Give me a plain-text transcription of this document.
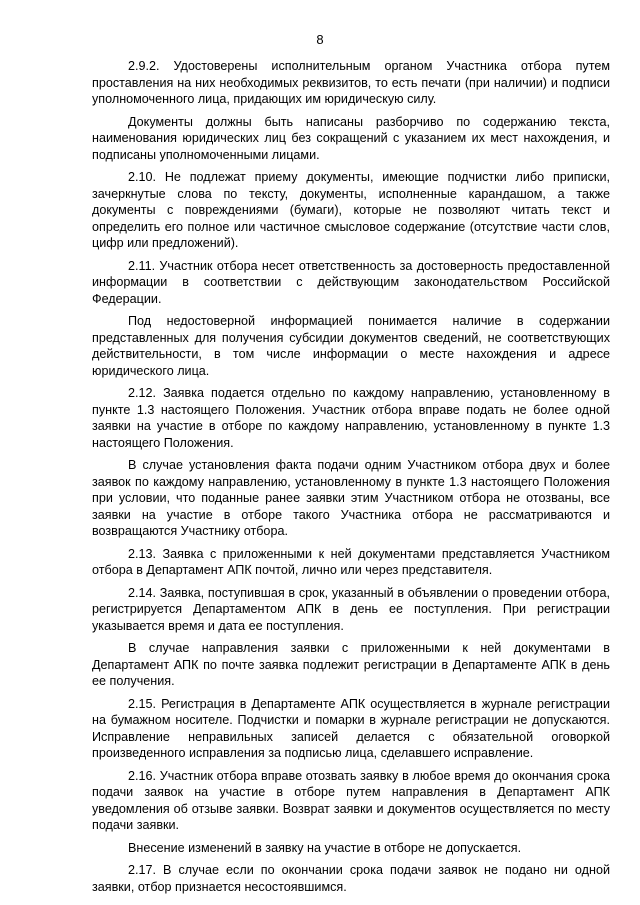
8

2.9.2. Удостоверены исполнительным органом Участника отбора путем проставления на них необходимых реквизитов, то есть печати (при наличии) и подписи уполномоченного лица, придающих им юридическую силу.

Документы должны быть написаны разборчиво по содержанию текста, наименования юридических лиц без сокращений с указанием их мест нахождения, и подписаны уполномоченными лицами.

2.10. Не подлежат приему документы, имеющие подчистки либо приписки, зачеркнутые слова по тексту, документы, исполненные карандашом, а также документы с повреждениями (бумаги), которые не позволяют читать текст и определить его полное или частичное смысловое содержание (отсутствие части слов, цифр или предложений).

2.11. Участник отбора несет ответственность за достоверность предоставленной информации в соответствии с действующим законодательством Российской Федерации.

Под недостоверной информацией понимается наличие в содержании представленных для получения субсидии документов сведений, не соответствующих действительности, в том числе информации о месте нахождения и адресе юридического лица.

2.12. Заявка подается отдельно по каждому направлению, установленному в пункте 1.3 настоящего Положения. Участник отбора вправе подать не более одной заявки на участие в отборе по каждому направлению, установленному в пункте 1.3 настоящего Положения.

В случае установления факта подачи одним Участником отбора двух и более заявок по каждому направлению, установленному в пункте 1.3 настоящего Положения при условии, что поданные ранее заявки этим Участником отбора не отозваны, все заявки на участие в отборе такого Участника отбора не рассматриваются и возвращаются Участнику отбора.

2.13. Заявка с приложенными к ней документами представляется Участником отбора в Департамент АПК почтой, лично или через представителя.

2.14. Заявка, поступившая в срок, указанный в объявлении о проведении отбора, регистрируется Департаментом АПК в день ее поступления. При регистрации указывается время и дата ее поступления.

В случае направления заявки с приложенными к ней документами в Департамент АПК по почте заявка подлежит регистрации в Департаменте АПК в день ее получения.

2.15. Регистрация в Департаменте АПК осуществляется в журнале регистрации на бумажном носителе. Подчистки и помарки в журнале регистрации не допускаются. Исправление неправильных записей делается с обязательной оговоркой произведенного исправления за подписью лица, сделавшего исправление.

2.16. Участник отбора вправе отозвать заявку в любое время до окончания срока подачи заявок на участие в отборе путем направления в Департамент АПК уведомления об отзыве заявки. Возврат заявки и документов осуществляется по месту подачи заявки.

Внесение изменений в заявку на участие в отборе не допускается.

2.17. В случае если по окончании срока подачи заявок не подано ни одной заявки, отбор признается несостоявшимся.
